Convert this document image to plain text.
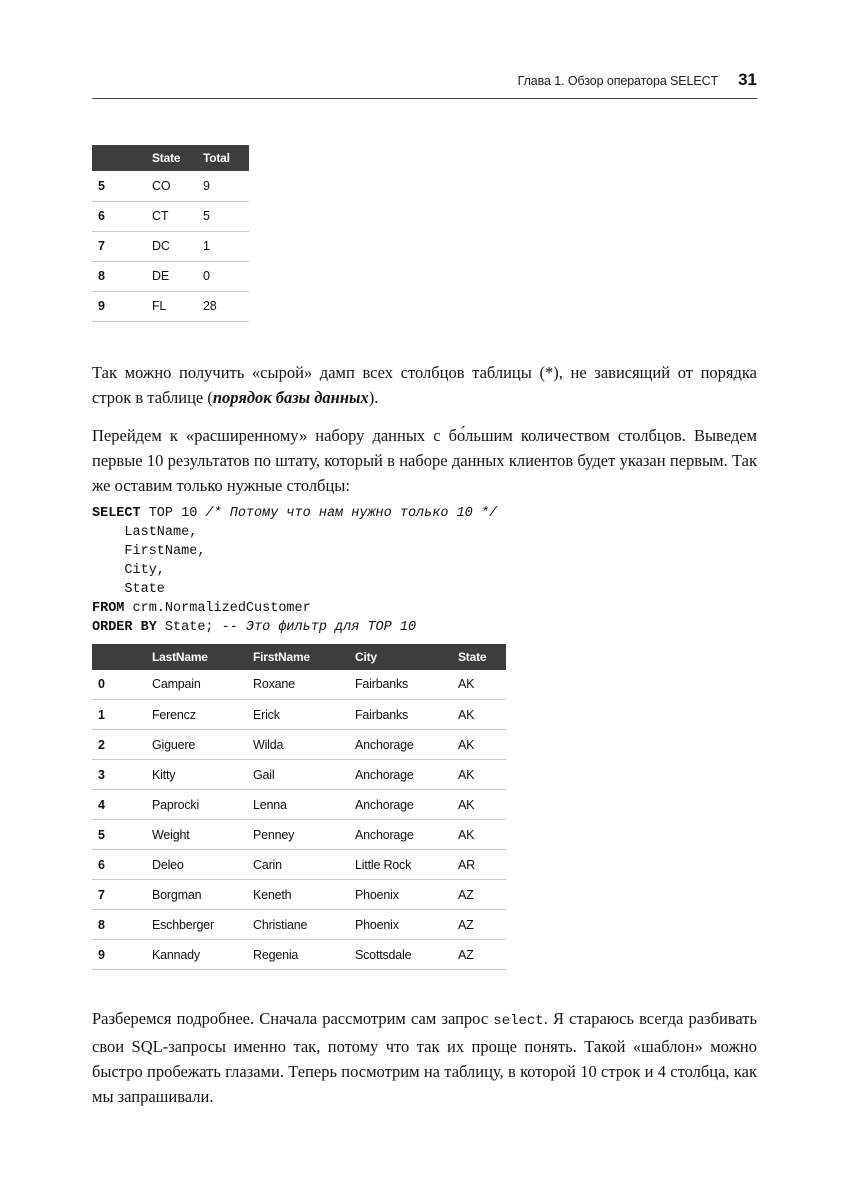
Глава 1. Обзор оператора SELECT 31
	State	Total
5	CO	9
6	CT	5
7	DC	1
8	DE	0
9	FL	28

Так можно получить «сырой» дамп всех столбцов таблицы (*), не зависящий от порядка строк в таблице (порядок базы данных).

Перейдем к «расширенному» набору данных с бо́льшим количеством столбцов. Выведем первые 10 результатов по штату, который в наборе данных клиентов будет указан первым. Так же оставим только нужные столбцы:

SELECT TOP 10 /* Потому что нам нужно только 10 */
LastName,
FirstName,
City,
State
FROM crm.NormalizedCustomer
ORDER BY State; -- Это фильтр для TOP 10
	LastName	FirstName	City	State
0	Campain	Roxane	Fairbanks	AK
1	Ferencz	Erick	Fairbanks	AK
2	Giguere	Wilda	Anchorage	AK
3	Kitty	Gail	Anchorage	AK
4	Paprocki	Lenna	Anchorage	AK
5	Weight	Penney	Anchorage	AK
6	Deleo	Carin	Little Rock	AR
7	Borgman	Keneth	Phoenix	AZ
8	Eschberger	Christiane	Phoenix	AZ
9	Kannady	Regenia	Scottsdale	AZ

Разберемся подробнее. Сначала рассмотрим сам запрос select. Я стараюсь всегда разбивать свои SQL-запросы именно так, потому что так их проще понять. Такой «шаблон» можно быстро пробежать глазами. Теперь посмотрим на таблицу, в которой 10 строк и 4 столбца, как мы запрашивали.
